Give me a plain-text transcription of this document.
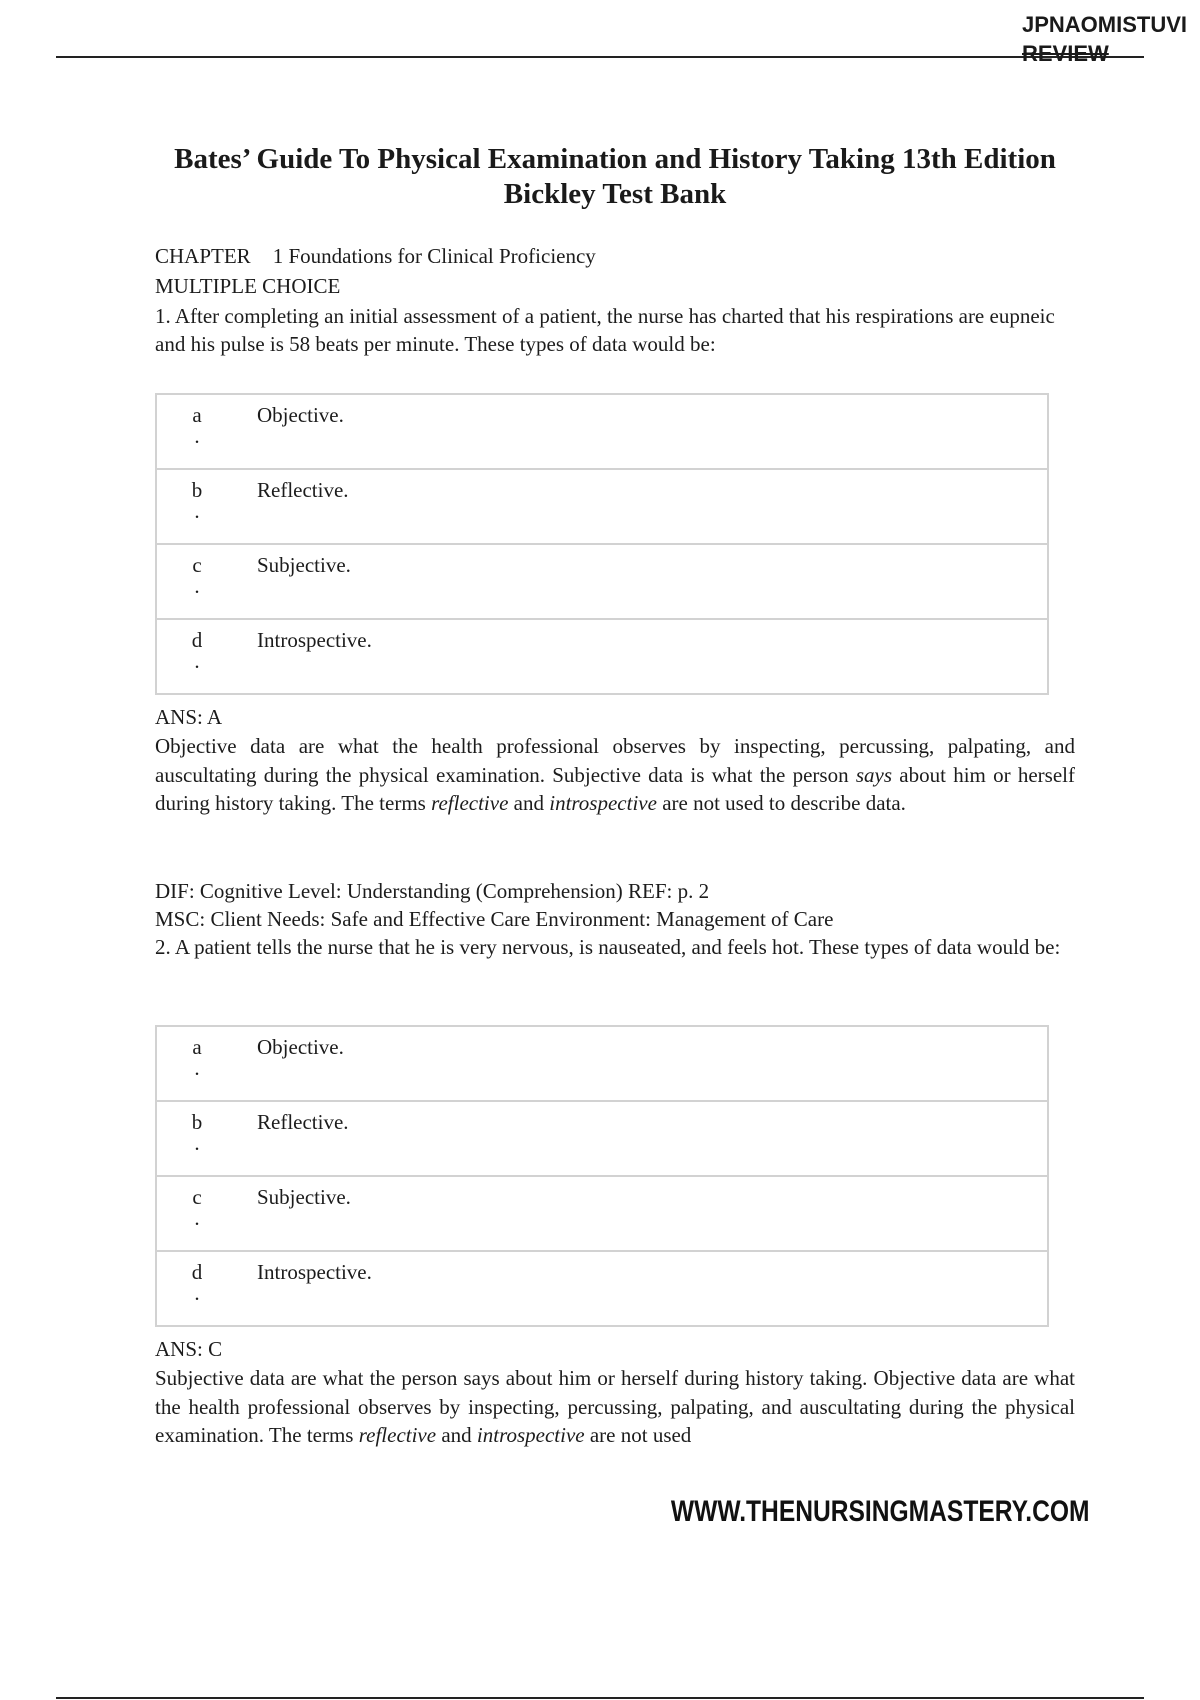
JPNAOMISTUVI
REVIEW
Bates’ Guide To Physical Examination and History Taking 13th Edition Bickley Test Bank

CHAPTER 1 Foundations for Clinical Proficiency

MULTIPLE CHOICE

1. After completing an initial assessment of a patient, the nurse has charted that his respirations are eupneic and his pulse is 58 beats per minute. These types of data would be:

a
.	Objective.
b
.	Reflective.
c
.	Subjective.
d
.	Introspective.

ANS: A

Objective data are what the health professional observes by inspecting, percussing, palpating, and auscultating during the physical examination. Subjective data is what the person says about him or herself during history taking. The terms reflective and introspective are not used to describe data.

DIF: Cognitive Level: Understanding (Comprehension) REF: p. 2

MSC: Client Needs: Safe and Effective Care Environment: Management of Care

2. A patient tells the nurse that he is very nervous, is nauseated, and feels hot. These types of data would be:

a
.	Objective.
b
.	Reflective.
c
.	Subjective.
d
.	Introspective.

ANS: C

Subjective data are what the person says about him or herself during history taking. Objective data are what the health professional observes by inspecting, percussing, palpating, and auscultating during the physical examination. The terms reflective and introspective are not used

WWW.THENURSINGMASTERY.COM
